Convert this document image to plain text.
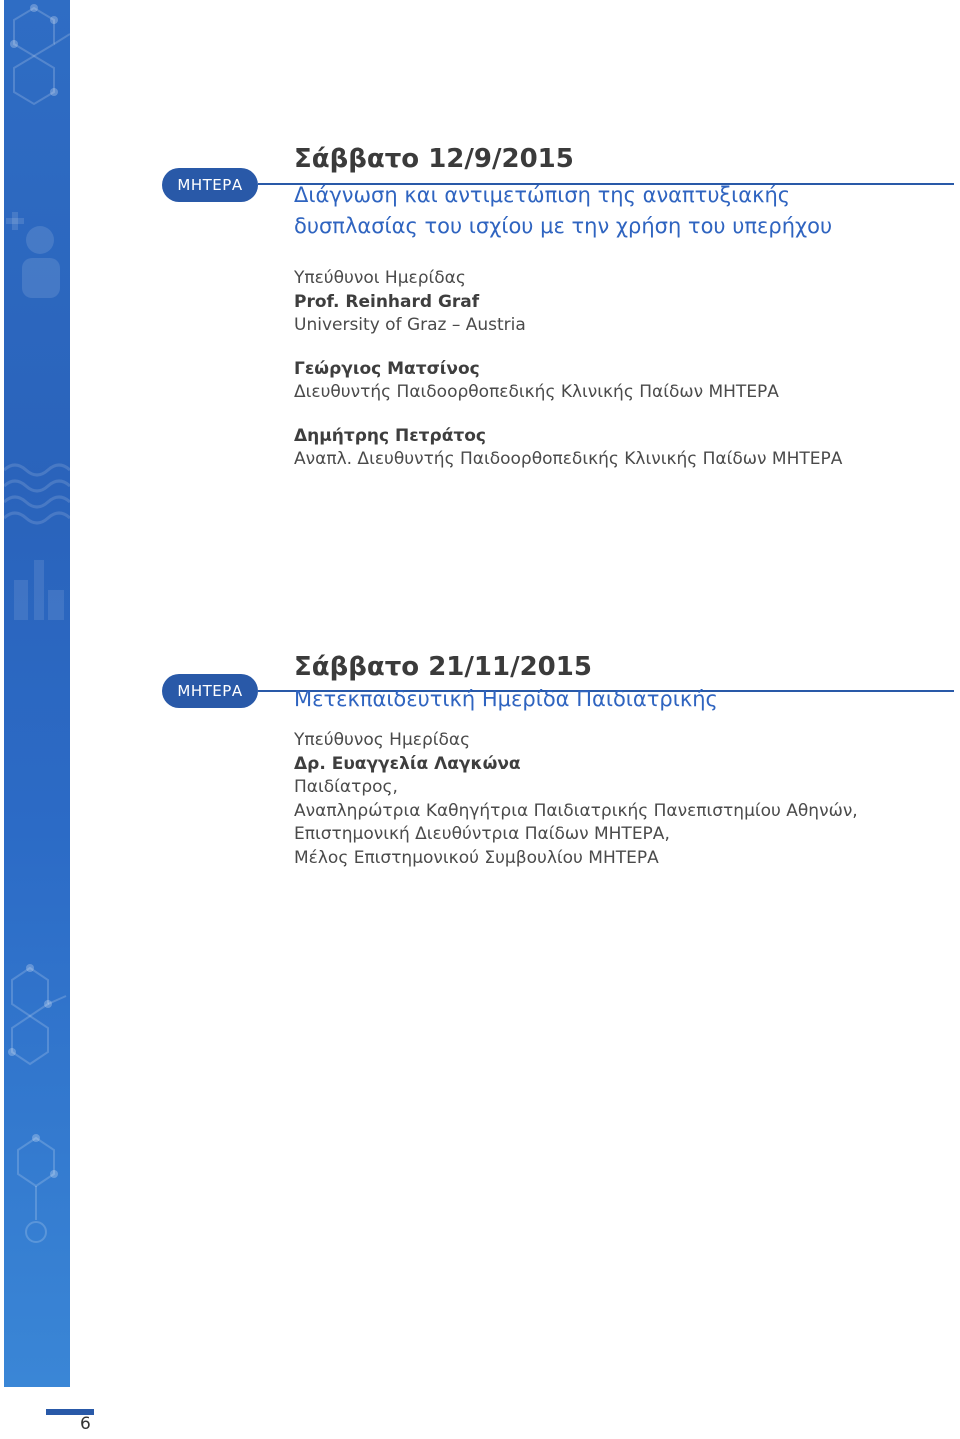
ΜΗΤΕΡΑ
Σάββατο 12/9/2015
Διάγνωση και αντιμετώπιση της αναπτυξιακής
δυσπλασίας του ισχίου με την χρήση του υπερήχου
Υπεύθυνοι Ημερίδας
Prof. Reinhard Graf
University of Graz – Austria
Γεώργιος Ματσίνος
Διευθυντής Παιδοορθοπεδικής Κλινικής Παίδων ΜΗΤΕΡΑ
Δημήτρης Πετράτος
Αναπλ. Διευθυντής Παιδοορθοπεδικής Κλινικής Παίδων ΜΗΤΕΡΑ
ΜΗΤΕΡΑ
Σάββατο 21/11/2015
Μετεκπαιδευτική Ημερίδα Παιδιατρικής
Υπεύθυνος Ημερίδας
Δρ. Ευαγγελία Λαγκώνα
Παιδίατρος,
Αναπληρώτρια Καθηγήτρια Παιδιατρικής Πανεπιστημίου Αθηνών,
Επιστημονική Διευθύντρια Παίδων ΜΗΤΕΡΑ,
Μέλος Επιστημονικού Συμβουλίου ΜΗΤΕΡΑ
6
